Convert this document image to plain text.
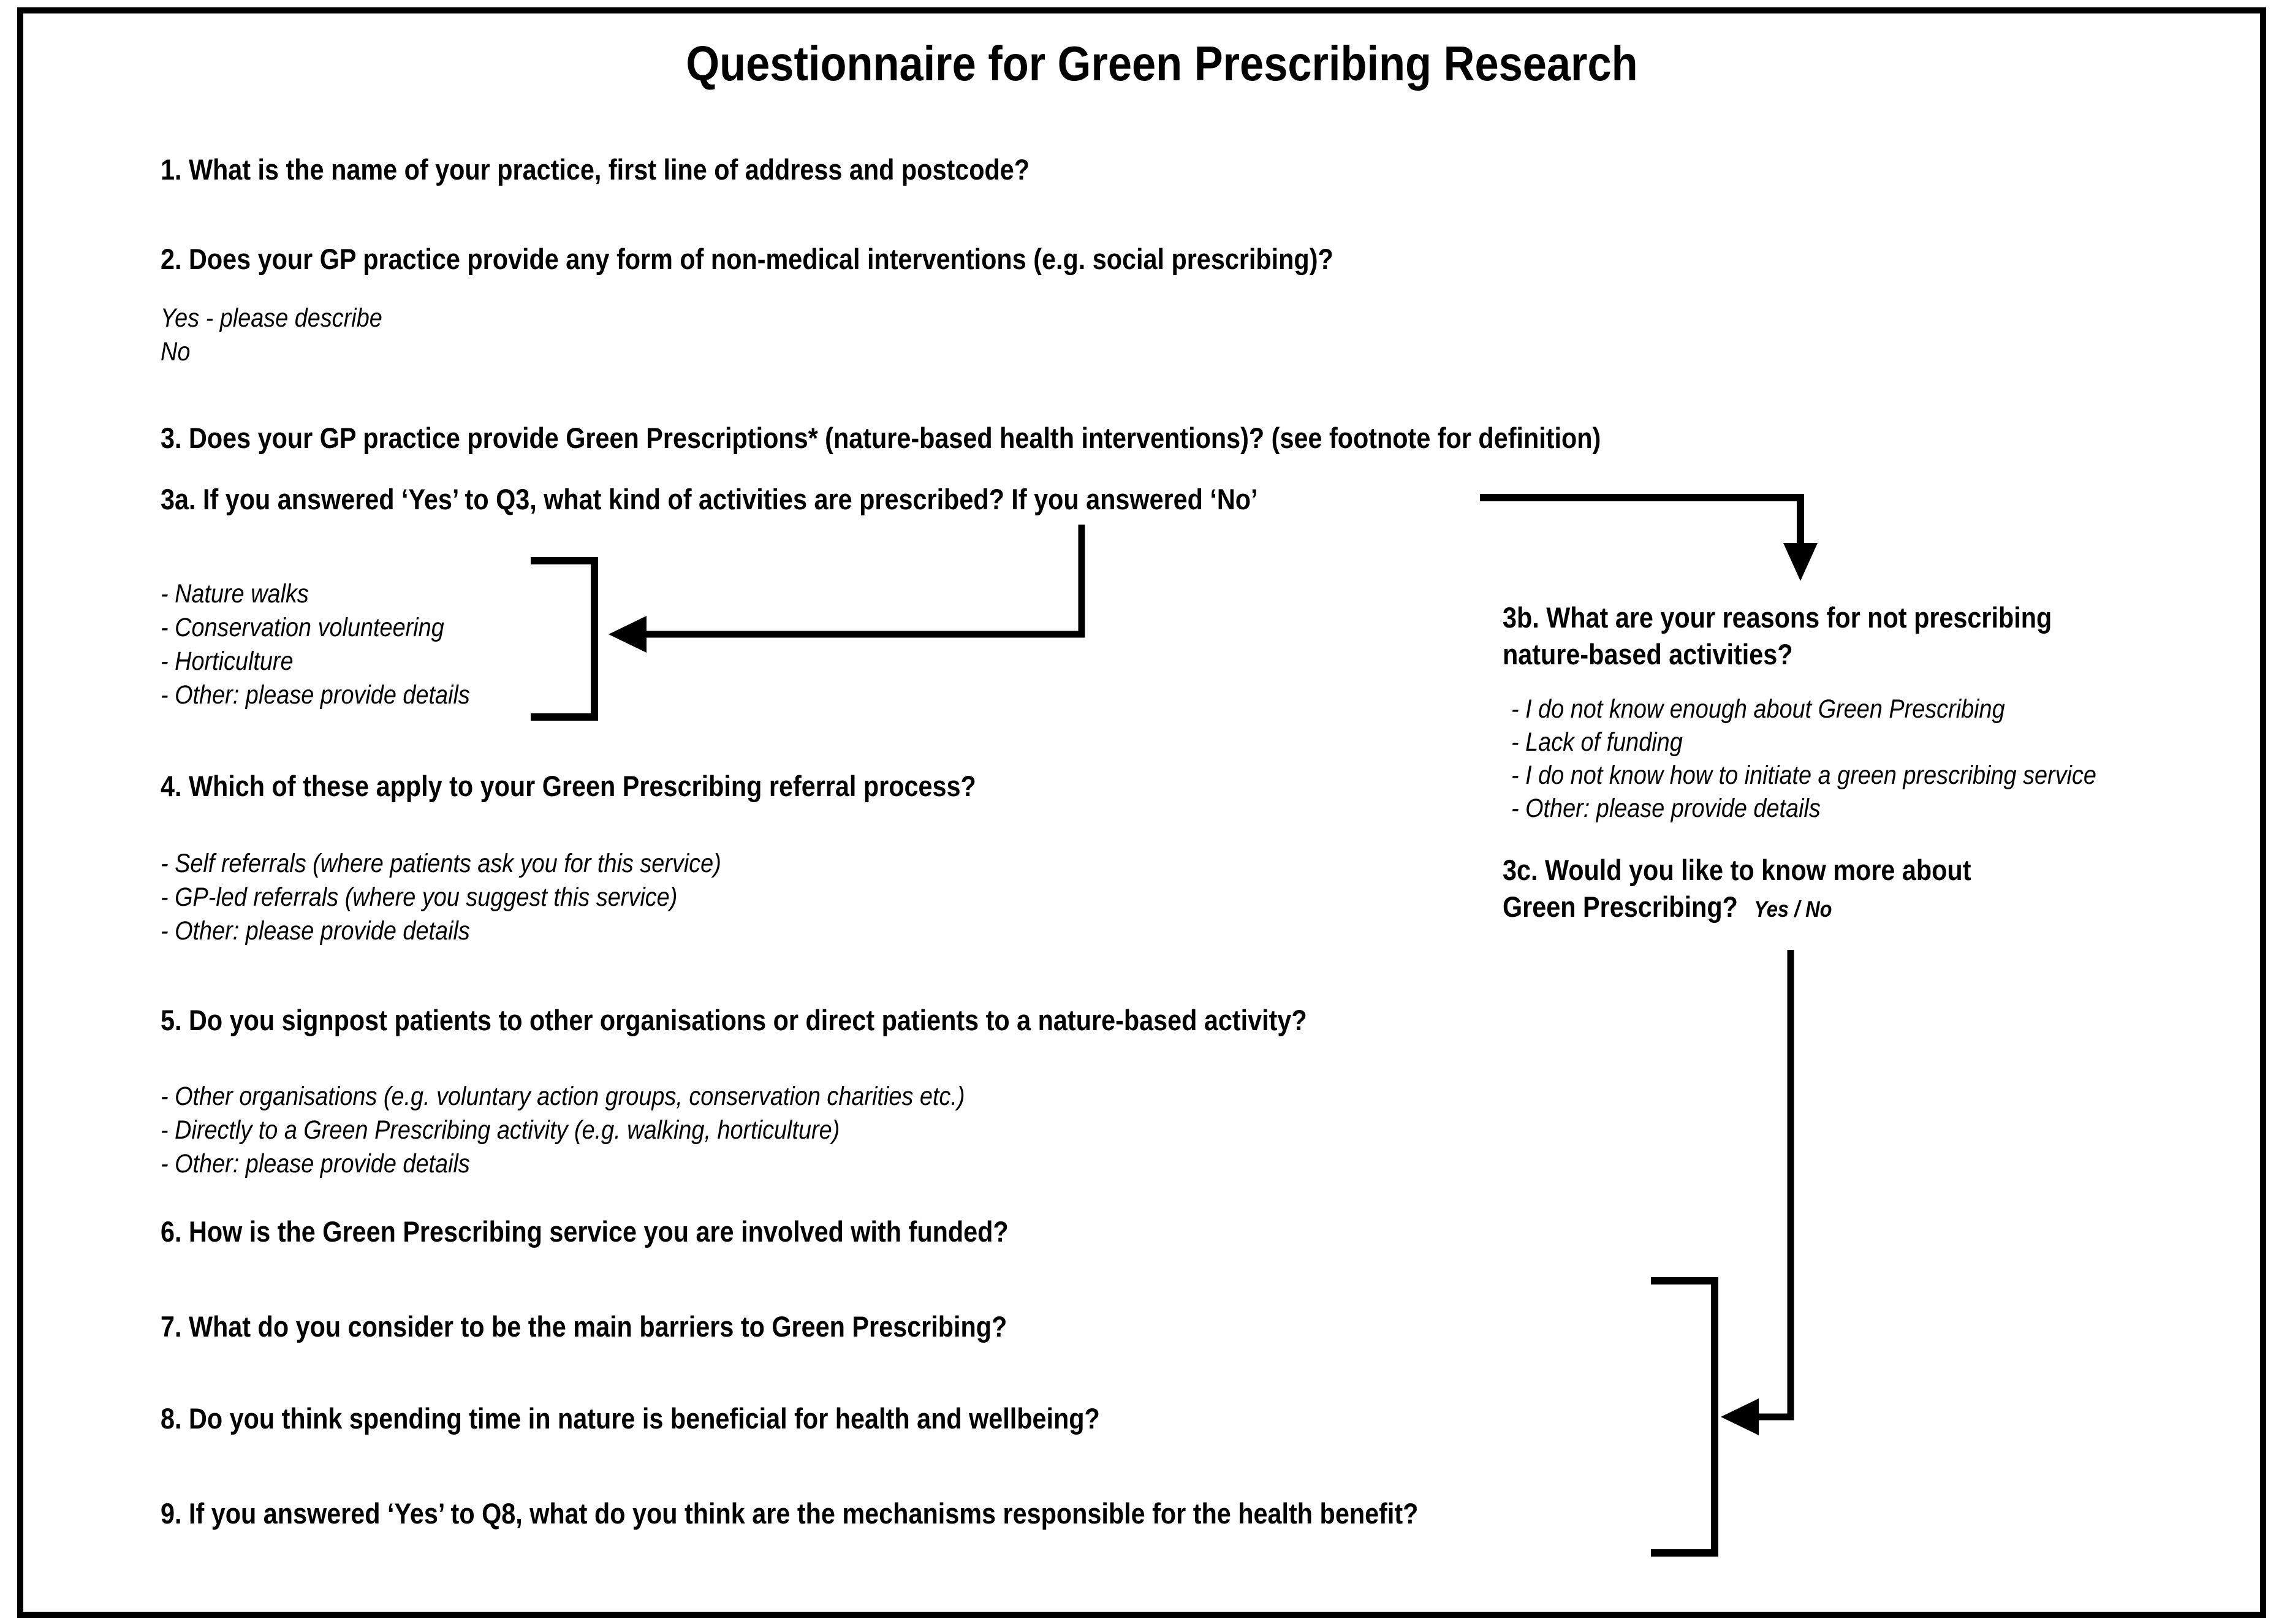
Questionnaire for Green Prescribing Research
1. What is the name of your practice, first line of address and postcode?
2. Does your GP practice provide any form of non-medical interventions (e.g. social prescribing)?
Yes - please describe
No
3. Does your GP practice provide Green Prescriptions* (nature-based health interventions)? (see footnote for definition)
3a. If you answered ‘Yes’ to Q3, what kind of activities are prescribed? If you answered ‘No’
- Nature walks
- Conservation volunteering
- Horticulture
- Other: please provide details
4. Which of these apply to your Green Prescribing referral process?
- Self referrals (where patients ask you for this service)
- GP-led referrals (where you suggest this service)
- Other: please provide details
5. Do you signpost patients to other organisations or direct patients to a nature-based activity?
- Other organisations (e.g. voluntary action groups, conservation charities etc.)
- Directly to a Green Prescribing activity (e.g. walking, horticulture)
- Other: please provide details
6. How is the Green Prescribing service you are involved with funded?
7. What do you consider to be the main barriers to Green Prescribing?
8. Do you think spending time in nature is beneficial for health and wellbeing?
9. If you answered ‘Yes’ to Q8, what do you think are the mechanisms responsible for the health benefit?
3b. What are your reasons for not prescribing
nature-based activities?
- I do not know enough about Green Prescribing
- Lack of funding
- I do not know how to initiate a green prescribing service
- Other: please provide details
3c. Would you like to know more about
Green Prescribing? Yes / No
